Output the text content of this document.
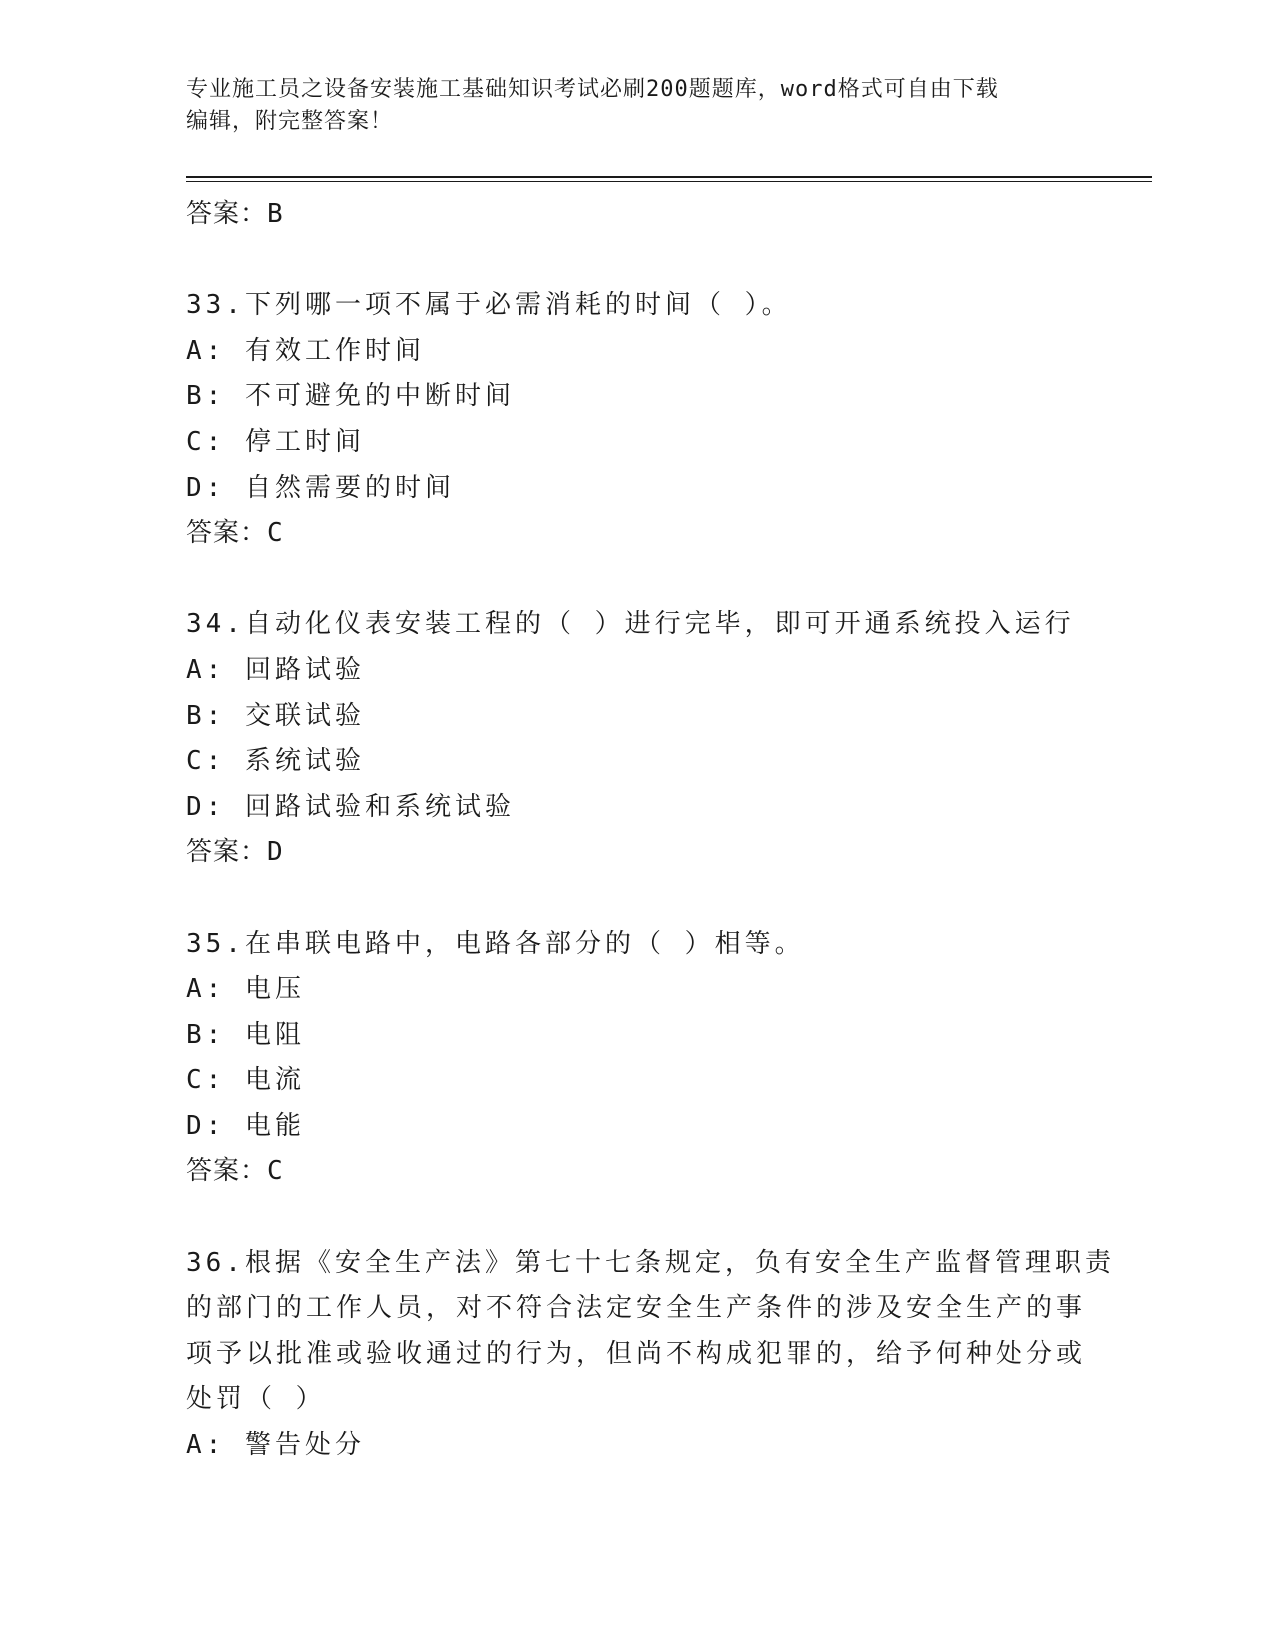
专业施工员之设备安装施工基础知识考试必刷200题题库，word格式可自由下载
编辑，附完整答案！
答案：B
33.下列哪一项不属于必需消耗的时间（ ）。
A: 有效工作时间
B: 不可避免的中断时间
C: 停工时间
D: 自然需要的时间
答案：C
34.自动化仪表安装工程的（ ）进行完毕，即可开通系统投入运行
A: 回路试验
B: 交联试验
C: 系统试验
D: 回路试验和系统试验
答案：D
35.在串联电路中，电路各部分的（ ）相等。
A: 电压
B: 电阻
C: 电流
D: 电能
答案：C
36.根据《安全生产法》第七十七条规定，负有安全生产监督管理职责
的部门的工作人员，对不符合法定安全生产条件的涉及安全生产的事
项予以批准或验收通过的行为，但尚不构成犯罪的，给予何种处分或
处罚（ ）
A: 警告处分
